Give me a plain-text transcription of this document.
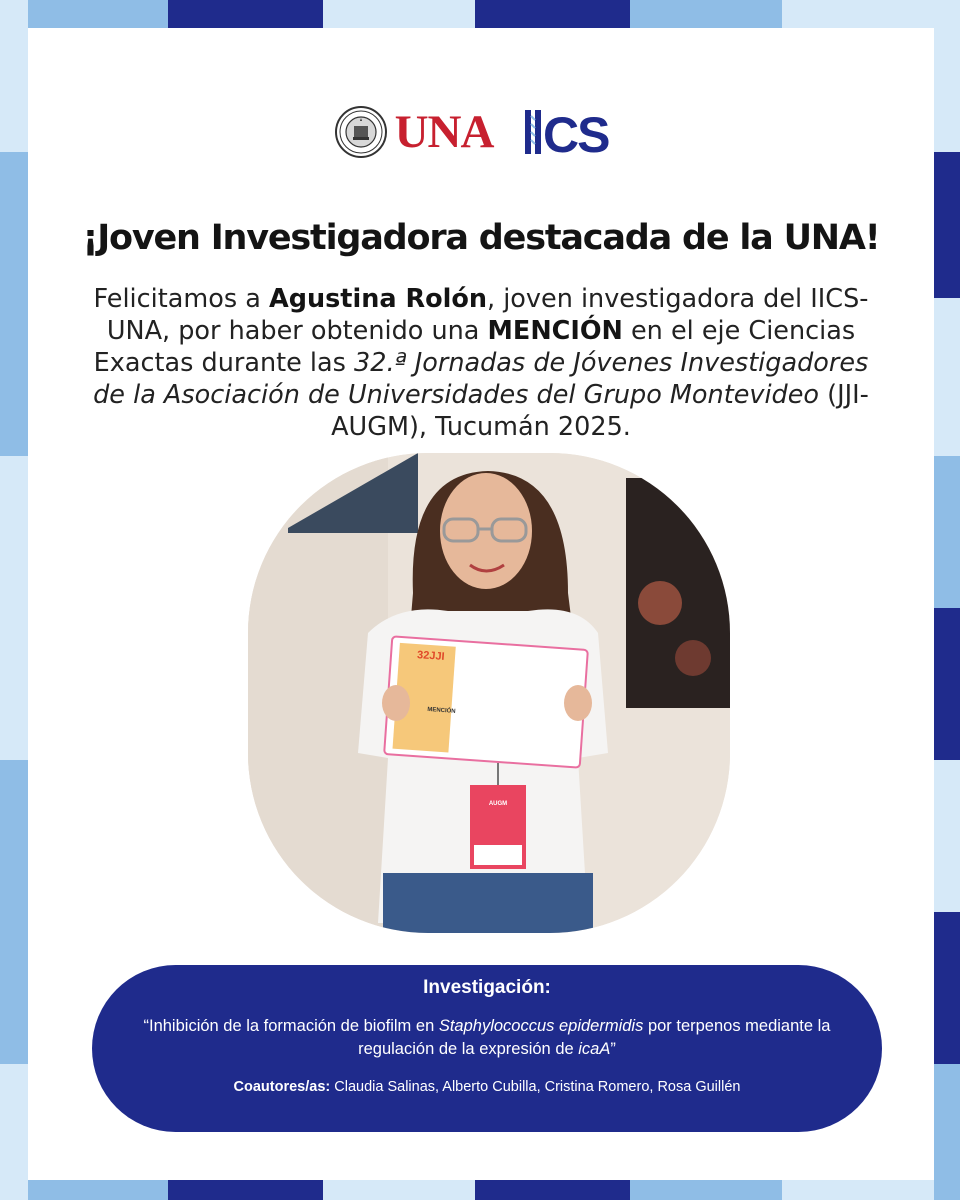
UNA CS
¡Joven Investigadora destacada de la UNA!

Felicitamos a Agustina Rolón, joven investigadora del IICS-UNA, por haber obtenido una MENCIÓN en el eje Ciencias Exactas durante las 32.ª Jornadas de Jóvenes Investigadores de la Asociación de Universidades del Grupo Montevideo (JJI-AUGM), Tucumán 2025.

32JJI
MENCIÓN
AUGM
Investigación:
“Inhibición de la formación de biofilm en Staphylococcus epidermidis por terpenos mediante la regulación de la expresión de icaA”
Coautores/as: Claudia Salinas, Alberto Cubilla, Cristina Romero, Rosa Guillén
